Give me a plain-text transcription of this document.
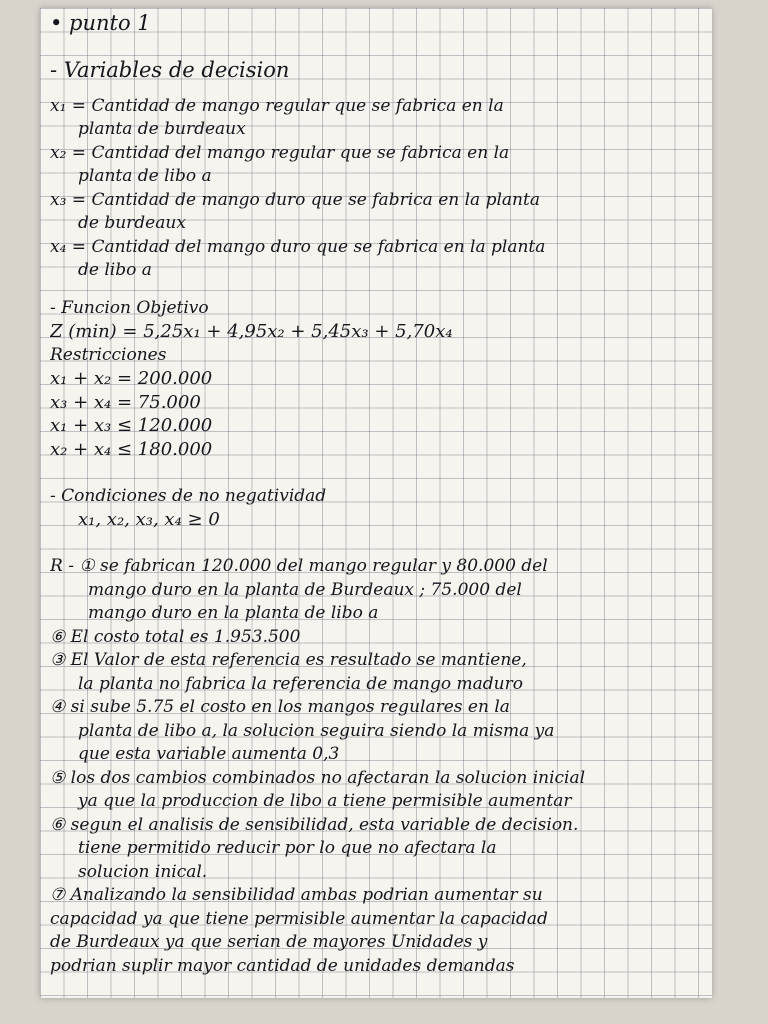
• punto 1
- Variables de decision
x₁ = Cantidad de mango regular que se fabrica en la
planta de burdeaux
x₂ = Cantidad del mango regular que se fabrica en la
planta de libo a
x₃ = Cantidad de mango duro que se fabrica en la planta
de burdeaux
x₄ = Cantidad del mango duro que se fabrica en la planta
de libo a
- Funcion Objetivo
Z (min) = 5,25x₁ + 4,95x₂ + 5,45x₃ + 5,70x₄
Restricciones
x₁ + x₂ = 200.000
x₃ + x₄ = 75.000
x₁ + x₃ ≤ 120.000
x₂ + x₄ ≤ 180.000
- Condiciones de no negatividad
x₁, x₂, x₃, x₄ ≥ 0
R - ① se fabrican 120.000 del mango regular y 80.000 del
mango duro en la planta de Burdeaux ; 75.000 del
mango duro en la planta de libo a
⑥ El costo total es 1.953.500
③ El Valor de esta referencia es resultado se mantiene,
la planta no fabrica la referencia de mango maduro
④ si sube 5.75 el costo en los mangos regulares en la
planta de libo a, la solucion seguira siendo la misma ya
que esta variable aumenta 0,3
⑤ los dos cambios combinados no afectaran la solucion inicial
ya que la produccion de libo a tiene permisible aumentar
⑥ segun el analisis de sensibilidad, esta variable de decision.
tiene permitido reducir por lo que no afectara la
solucion inical.
⑦ Analizando la sensibilidad ambas podrian aumentar su
capacidad ya que tiene permisible aumentar la capacidad
de Burdeaux ya que serian de mayores Unidades y
podrian suplir mayor cantidad de unidades demandas
